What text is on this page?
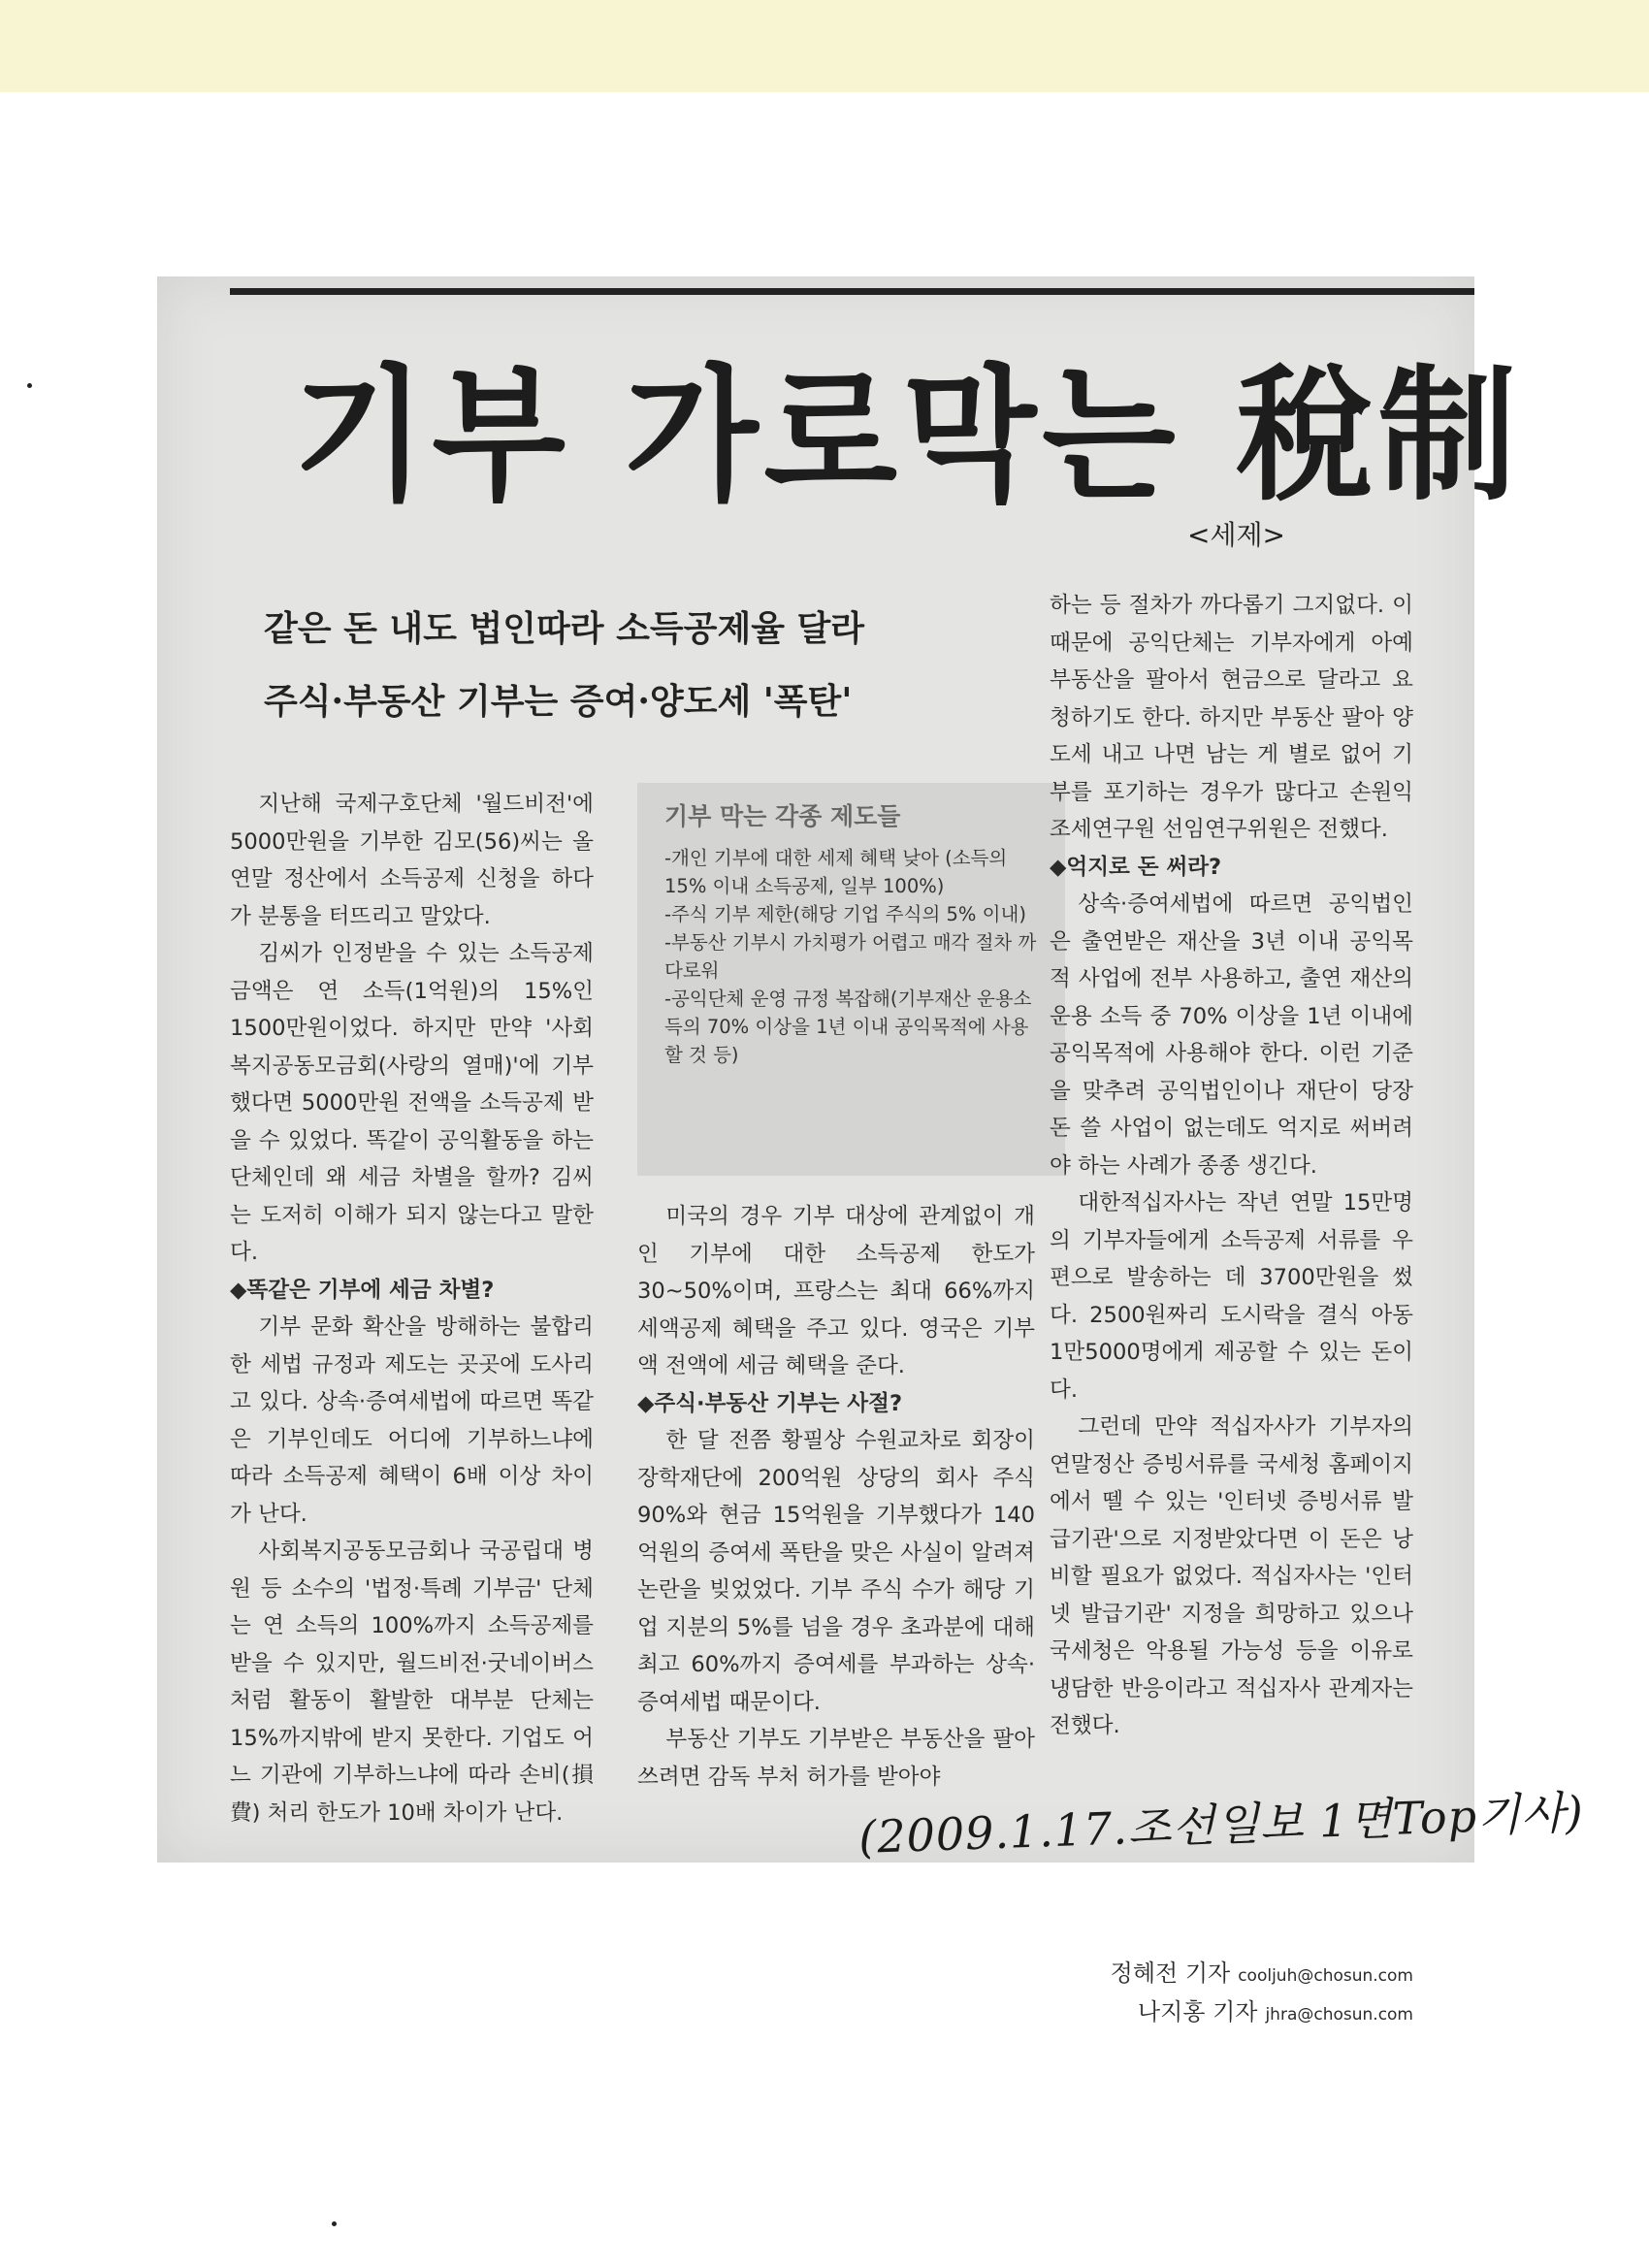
기부 가로막는 稅制
<세제>
같은 돈 내도 법인따라 소득공제율 달라
주식·부동산 기부는 증여·양도세 '폭탄'

지난해 국제구호단체 '월드비전'에 5000만원을 기부한 김모(56)씨는 올 연말 정산에서 소득공제 신청을 하다가 분통을 터뜨리고 말았다.

김씨가 인정받을 수 있는 소득공제 금액은 연 소득(1억원)의 15%인 1500만원이었다. 하지만 만약 '사회복지공동모금회(사랑의 열매)'에 기부했다면 5000만원 전액을 소득공제 받을 수 있었다. 똑같이 공익활동을 하는 단체인데 왜 세금 차별을 할까? 김씨는 도저히 이해가 되지 않는다고 말한다.

◆똑같은 기부에 세금 차별?

기부 문화 확산을 방해하는 불합리한 세법 규정과 제도는 곳곳에 도사리고 있다. 상속·증여세법에 따르면 똑같은 기부인데도 어디에 기부하느냐에 따라 소득공제 혜택이 6배 이상 차이가 난다.

사회복지공동모금회나 국공립대 병원 등 소수의 '법정·특례 기부금' 단체는 연 소득의 100%까지 소득공제를 받을 수 있지만, 월드비전·굿네이버스처럼 활동이 활발한 대부분 단체는 15%까지밖에 받지 못한다. 기업도 어느 기관에 기부하느냐에 따라 손비(損費) 처리 한도가 10배 차이가 난다.

기부 막는 각종 제도들
-개인 기부에 대한 세제 혜택 낮아 (소득의 15% 이내 소득공제, 일부 100%)
-주식 기부 제한(해당 기업 주식의 5% 이내)
-부동산 기부시 가치평가 어렵고 매각 절차 까다로워
-공익단체 운영 규정 복잡해(기부재산 운용소득의 70% 이상을 1년 이내 공익목적에 사용할 것 등)

미국의 경우 기부 대상에 관계없이 개인 기부에 대한 소득공제 한도가 30~50%이며, 프랑스는 최대 66%까지 세액공제 혜택을 주고 있다. 영국은 기부액 전액에 세금 혜택을 준다.

◆주식·부동산 기부는 사절?

한 달 전쯤 황필상 수원교차로 회장이 장학재단에 200억원 상당의 회사 주식 90%와 현금 15억원을 기부했다가 140억원의 증여세 폭탄을 맞은 사실이 알려져 논란을 빚었었다. 기부 주식 수가 해당 기업 지분의 5%를 넘을 경우 초과분에 대해 최고 60%까지 증여세를 부과하는 상속·증여세법 때문이다.

부동산 기부도 기부받은 부동산을 팔아 쓰려면 감독 부처 허가를 받아야

하는 등 절차가 까다롭기 그지없다. 이 때문에 공익단체는 기부자에게 아예 부동산을 팔아서 현금으로 달라고 요청하기도 한다. 하지만 부동산 팔아 양도세 내고 나면 남는 게 별로 없어 기부를 포기하는 경우가 많다고 손원익 조세연구원 선임연구위원은 전했다.

◆억지로 돈 써라?

상속·증여세법에 따르면 공익법인은 출연받은 재산을 3년 이내 공익목적 사업에 전부 사용하고, 출연 재산의 운용 소득 중 70% 이상을 1년 이내에 공익목적에 사용해야 한다. 이런 기준을 맞추려 공익법인이나 재단이 당장 돈 쓸 사업이 없는데도 억지로 써버려야 하는 사례가 종종 생긴다.

대한적십자사는 작년 연말 15만명의 기부자들에게 소득공제 서류를 우편으로 발송하는 데 3700만원을 썼다. 2500원짜리 도시락을 결식 아동 1만5000명에게 제공할 수 있는 돈이다.

그런데 만약 적십자사가 기부자의 연말정산 증빙서류를 국세청 홈페이지에서 뗄 수 있는 '인터넷 증빙서류 발급기관'으로 지정받았다면 이 돈은 낭비할 필요가 없었다. 적십자사는 '인터넷 발급기관' 지정을 희망하고 있으나 국세청은 악용될 가능성 등을 이유로 냉담한 반응이라고 적십자사 관계자는 전했다.

정혜전 기자 cooljuh@chosun.com
나지홍 기자 jhra@chosun.com
(2009.1.17.조선일보 1면Top기사)
